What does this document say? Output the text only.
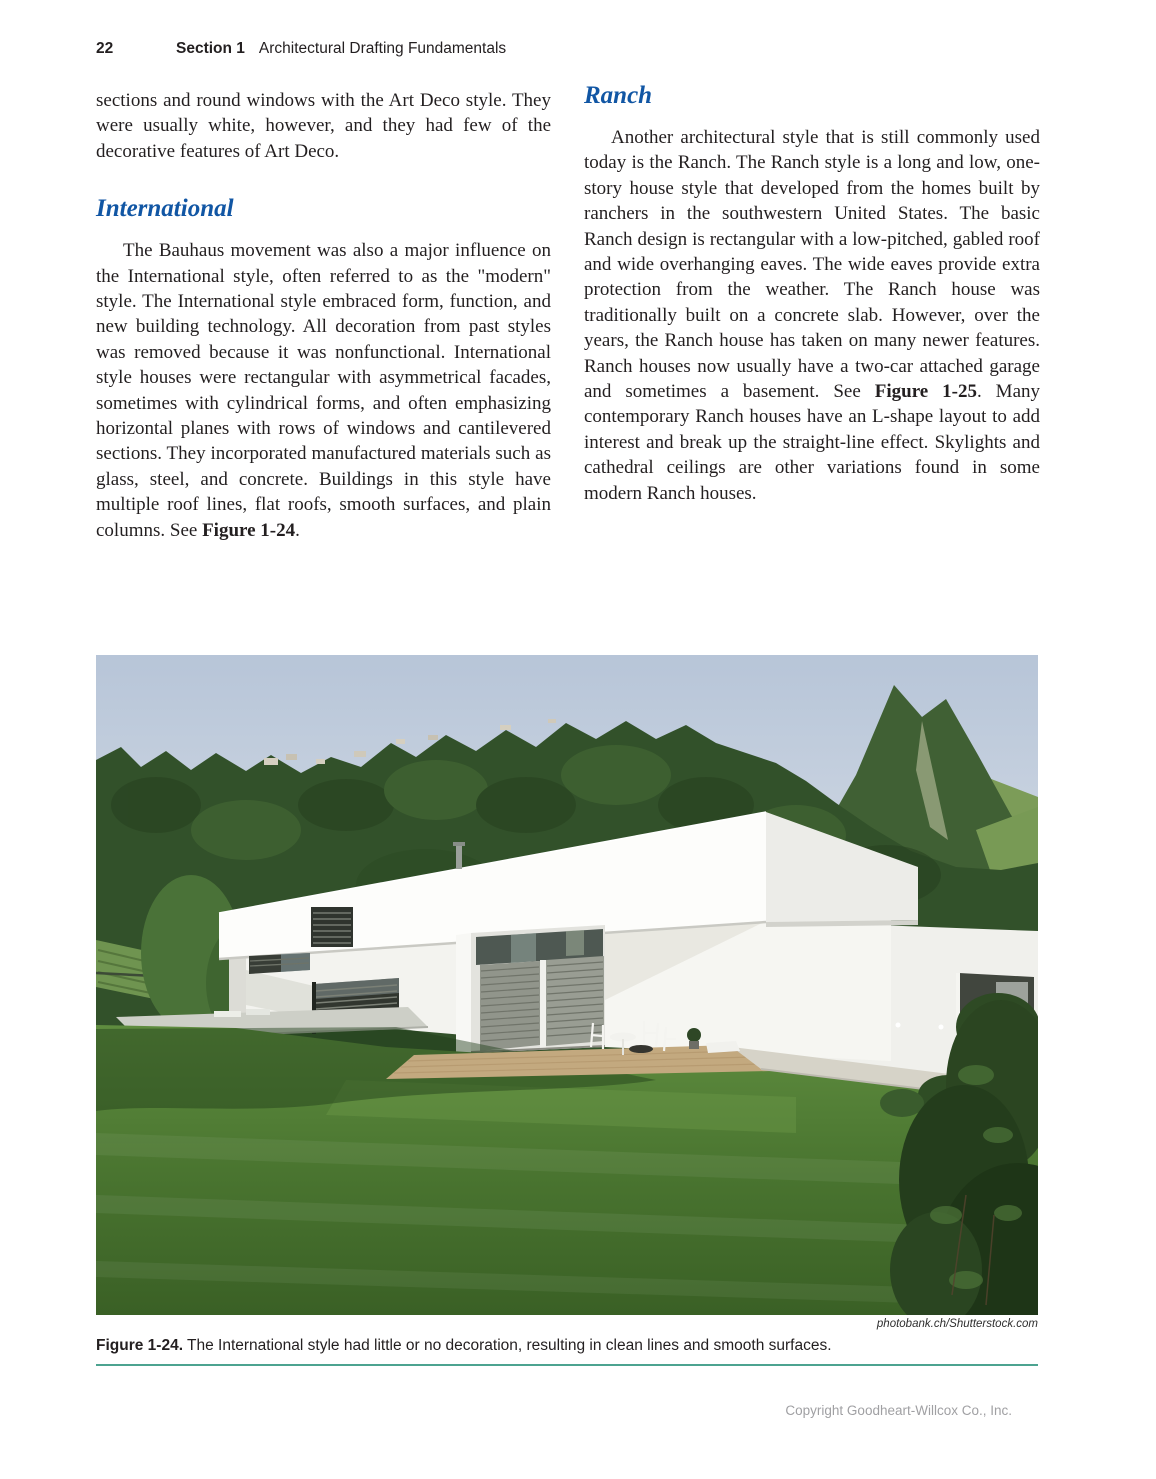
22	Section 1 Architectural Drafting Fundamentals

sections and round windows with the Art Deco style. They were usually white, however, and they had few of the decorative features of Art Deco.

International

The Bauhaus movement was also a major influence on the International style, often referred to as the "modern" style. The International style embraced form, function, and new building technology. All decoration from past styles was removed because it was nonfunctional. International style houses were rectangular with asymmetrical facades, sometimes with cylindrical forms, and often emphasizing horizontal planes with rows of windows and cantilevered sections. They incorporated manufactured materials such as glass, steel, and concrete. Buildings in this style have multiple roof lines, flat roofs, smooth surfaces, and plain columns. See Figure 1-24.

Ranch

Another architectural style that is still commonly used today is the Ranch. The Ranch style is a long and low, one-story house style that developed from the homes built by ranchers in the southwestern United States. The basic Ranch design is rectangular with a low-pitched, gabled roof and wide overhanging eaves. The wide eaves provide extra protection from the weather. The Ranch house was traditionally built on a concrete slab. However, over the years, the Ranch house has taken on many newer features. Ranch houses now usually have a two-car attached garage and sometimes a basement. See Figure 1-25. Many contemporary Ranch houses have an L-shape layout to add interest and break up the straight-line effect. Skylights and cathedral ceilings are other variations found in some modern Ranch houses.

photobank.ch/Shutterstock.com
Figure 1-24. The International style had little or no decoration, resulting in clean lines and smooth surfaces.
Copyright Goodheart-Willcox Co., Inc.
